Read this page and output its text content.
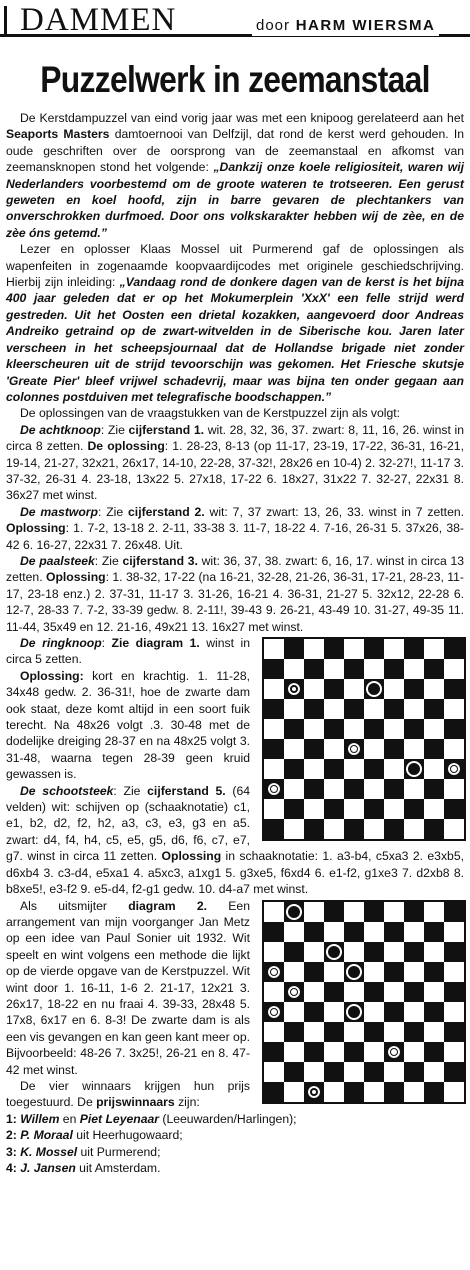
DAMMEN	door HARM WIERSMA
Puzzelwerk in zeemanstaal

De Kerstdampuzzel van eind vorig jaar was met een knipoog gerelateerd aan het Seaports Masters damtoernooi van Delfzijl, dat rond de kerst werd gehouden. In oude geschriften over de oorsprong van de zeemanstaal en afkomst van zeemansknopen stond het volgende: „Dankzij onze koele religiositeit, waren wij Nederlanders voorbestemd om de groote wateren te trotseeren. Een gerust geweten en koel hoofd, zijn in barre gevaren de plechtankers van onverschrokken durfmoed. Door ons volkskarakter hebben wij de zèe, en de zèe óns getemd.”

Lezer en oplosser Klaas Mossel uit Purmerend gaf de oplossingen als wapenfeiten in zogenaamde koopvaardijcodes met originele geschiedschrijving. Hierbij zijn inleiding: „Vandaag rond de donkere dagen van de kerst is het bijna 400 jaar geleden dat er op het Mokumerplein 'XxX' een felle strijd werd gestreden. Uit het Oosten een drietal kozakken, aangevoerd door Andreas Andreiko getraind op de zwart-witvelden in de Siberische kou. Jaren later verscheen in het scheepsjournaal dat de Hollandse brigade niet zonder kleerscheuren uit de strijd tevoorschijn was gekomen. Het Friesche skutsje 'Greate Pier' bleef vrijwel schadevrij, maar was bijna ten onder gegaan aan colonnes postduiven met telegrafische boodschappen.”

De oplossingen van de vraagstukken van de Kerstpuzzel zijn als volgt:

De achtknoop: Zie cijferstand 1. wit. 28, 32, 36, 37. zwart: 8, 11, 16, 26. winst in circa 8 zetten. De oplossing: 1. 28-23, 8-13 (op 11-17, 23-19, 17-22, 36-31, 16-21, 19-14, 21-27, 32x21, 26x17, 14-10, 22-28, 37-32!, 28x26 en 10-4) 2. 32-27!, 11-17 3. 37-32, 26-31 4. 23-18, 13x22 5. 27x18, 17-22 6. 18x27, 31x22 7. 32-27, 22x31 8. 36x27 met winst.

De mastworp: Zie cijferstand 2. wit: 7, 37 zwart: 13, 26, 33. winst in 7 zetten. Oplossing: 1. 7-2, 13-18 2. 2-11, 33-38 3. 11-7, 18-22 4. 7-16, 26-31 5. 37x26, 38-42 6. 16-27, 22x31 7. 26x48. Uit.

De paalsteek: Zie cijferstand 3. wit: 36, 37, 38. zwart: 6, 16, 17. winst in circa 13 zetten. Oplossing: 1. 38-32, 17-22 (na 16-21, 32-28, 21-26, 36-31, 17-21, 28-23, 11-17, 23-18 enz.) 2. 37-31, 11-17 3. 31-26, 16-21 4. 36-31, 21-27 5. 32x12, 22-28 6. 12-7, 28-33 7. 7-2, 33-39 gedw. 8. 2-11!, 39-43 9. 26-21, 43-49 10. 31-27, 49-35 11. 11-44, 35x49 en 12. 21-16, 49x21 13. 16x27 met winst.

De ringknoop: Zie diagram 1. winst in circa 5 zetten.

Oplossing: kort en krachtig. 1. 11-28, 34x48 gedw. 2. 36-31!, hoe de zwarte dam ook staat, deze komt altijd in een soort fuik terecht. Na 48x26 volgt .3. 30-48 met de dodelijke dreiging 28-37 en na 48x25 volgt 3. 31-48, waarna tegen 28-39 geen kruid gewassen is.

De schootsteek: Zie cijferstand 5. (64 velden) wit: schijven op (schaaknotatie) c1, e1, b2, d2, f2, h2, a3, c3, e3, g3 en a5. zwart: d4, f4, h4, c5, e5, g5, d6, f6, c7, e7, g7. winst in circa 11 zetten. Oplossing in schaaknotatie: 1. a3-b4, c5xa3 2. e3xb5, d6xb4 3. c3-d4, e5xa1 4. a5xc3, a1xg1 5. g3xe5, f6xd4 6. e1-f2, g1xe3 7. d2xb8 8. b8xe5!, e3-f2 9. e5-d4, f2-g1 gedw. 10. d4-a7 met winst.

Als uitsmijter diagram 2. Een arrangement van mijn voorganger Jan Metz op een idee van Paul Sonier uit 1932. Wit speelt en wint volgens een methode die lijkt op de vierde opgave van de Kerstpuzzel. Wit wint door 1. 16-11, 1-6 2. 21-17, 12x21 3. 26x17, 18-22 en nu fraai 4. 39-33, 28x48 5. 17x8, 6x17 en 6. 8-3! De zwarte dam is als een vis gevangen en kan geen kant meer op. Bijvoorbeeld: 48-26 7. 3x25!, 26-21 en 8. 47-42 met winst.

De vier winnaars krijgen hun prijs toegestuurd. De prijswinnaars zijn:

1: Willem en Piet Leyenaar (Leeuwarden/Harlingen);

2: P. Moraal uit Heerhugowaard;

3: K. Mossel uit Purmerend;

4: J. Jansen uit Amsterdam.
